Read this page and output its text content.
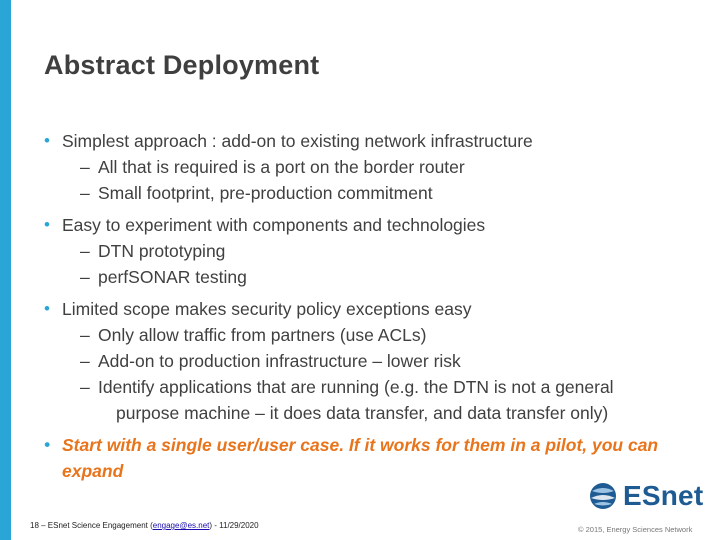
Abstract Deployment
• Simplest approach : add-on to existing network infrastructure
– All that is required is a port on the border router
– Small footprint, pre-production commitment
• Easy to experiment with components and technologies
– DTN prototyping
– perfSONAR testing
• Limited scope makes security policy exceptions easy
– Only allow traffic from partners (use ACLs)
– Add-on to production infrastructure – lower risk
– Identify applications that are running (e.g. the DTN is not a general
purpose machine – it does data transfer, and data transfer only)
• Start with a single user/user case. If it works for them in a pilot, you can
expand
18 – ESnet Science Engagement (engage@es.net) - 11/29/2020
ESnet
© 2015, Energy Sciences Network
